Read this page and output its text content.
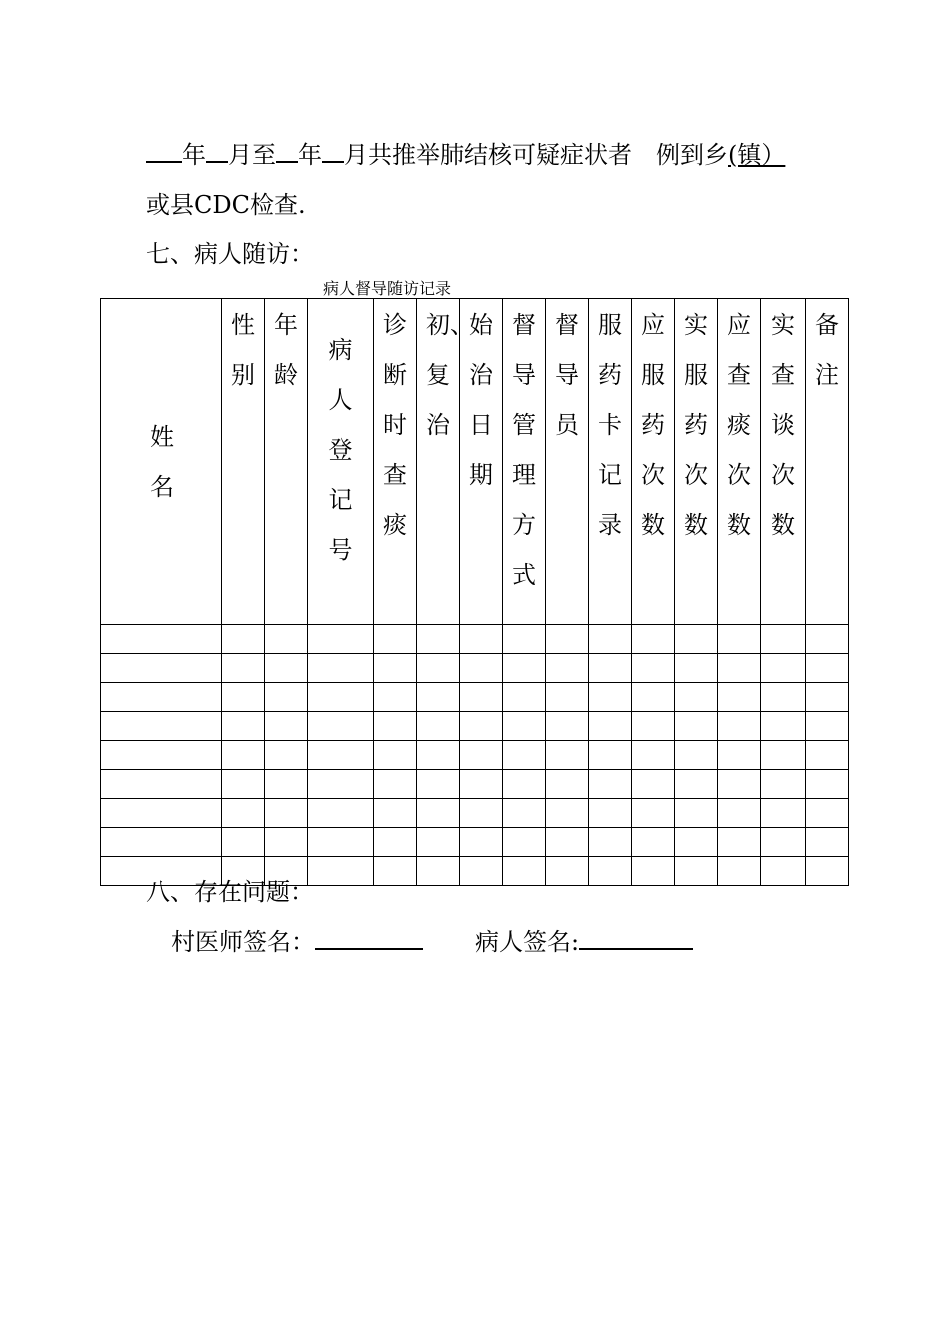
年 月至 年 月共推举肺结核可疑症状者 例到乡(镇）
或县CDC检查.
七、病人随访：
病人督导随访记录
姓名	性别	年龄	病人登记号	诊断时查痰	初、复治	始治日期	督导管理方式	督导员	服药卡记录	应服药次数	实服药次数	应查痰次数	实查谈次数	备注

八、存在问题：
村医师签名：	病人签名:
